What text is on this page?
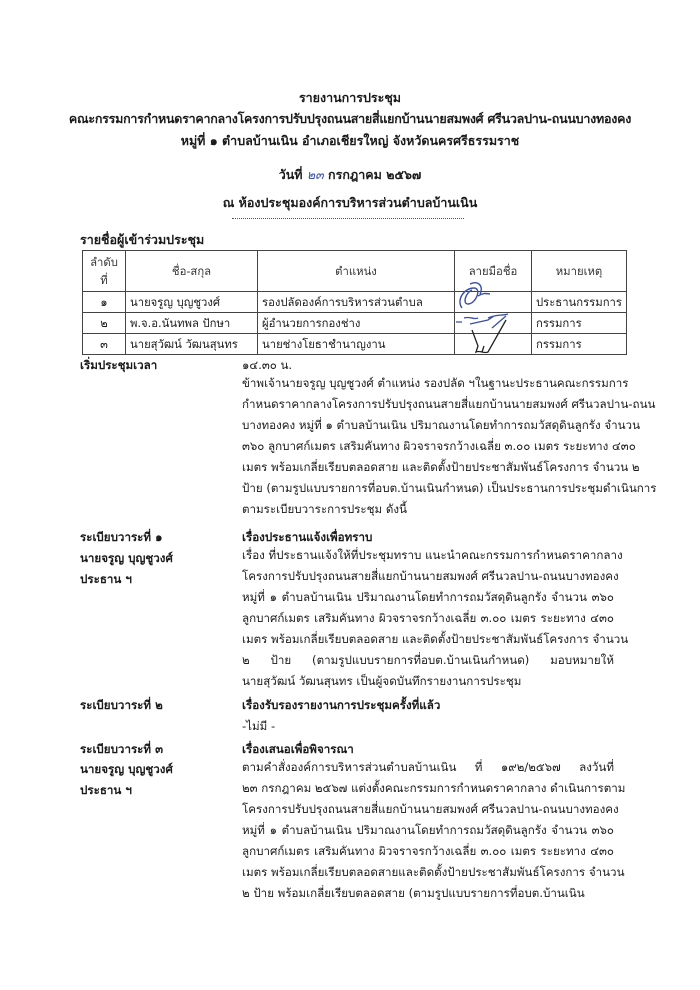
รายงานการประชุม
คณะกรรมการกำหนดราคากลางโครงการปรับปรุงถนนสายสี่แยกบ้านนายสมพงศ์ ศรีนวลปาน-ถนนบางทองคง
หมู่ที่ ๑ ตำบลบ้านเนิน อำเภอเชียรใหญ่ จังหวัดนครศรีธรรมราช
วันที่ ๒๓ กรกฎาคม ๒๕๖๗
ณ ห้องประชุมองค์การบริหารส่วนตำบลบ้านเนิน
รายชื่อผู้เข้าร่วมประชุม
ลำดับ
ที่	ชื่อ-สกุล	ตำแหน่ง	ลายมือชื่อ	หมายเหตุ
๑	นายจรูญ บุญชูวงศ์	รองปลัดองค์การบริหารส่วนตำบล		ประธานกรรมการ
๒	พ.จ.อ.นันทพล ปักษา	ผู้อำนวยการกองช่าง		กรรมการ
๓	นายสุวัฒน์ วัฒนสุนทร	นายช่างโยธาชำนาญงาน		กรรมการ
เริ่มประชุมเวลา	๑๔.๓๐ น.
ข้าพเจ้านายจรูญ บุญชูวงศ์ ตำแหน่ง รองปลัด ฯในฐานะประธานคณะกรรมการ
กำหนดราคากลางโครงการปรับปรุงถนนสายสี่แยกบ้านนายสมพงศ์ ศรีนวลปาน-ถนน
บางทองคง หมู่ที่ ๑ ตำบลบ้านเนิน ปริมาณงานโดยทำการถมวัสดุดินลูกรัง จำนวน
๓๖๐ ลูกบาศก์เมตร เสริมคันทาง ผิวจราจรกว้างเฉลี่ย ๓.๐๐ เมตร ระยะทาง ๔๓๐
เมตร พร้อมเกลี่ยเรียบตลอดสาย และติดตั้งป้ายประชาสัมพันธ์โครงการ จำนวน ๒
ป้าย (ตามรูปแบบรายการที่อบต.บ้านเนินกำหนด) เป็นประธานการประชุมดำเนินการ
ตามระเบียบวาระการประชุม ดังนี้
ระเบียบวาระที่ ๑
นายจรูญ บุญชูวงศ์
ประธาน ฯ
เรื่องประธานแจ้งเพื่อทราบ
เรื่อง ที่ประธานแจ้งให้ที่ประชุมทราบ แนะนำคณะกรรมการกำหนดราคากลาง
โครงการปรับปรุงถนนสายสี่แยกบ้านนายสมพงศ์ ศรีนวลปาน-ถนนบางทองคง
หมู่ที่ ๑ ตำบลบ้านเนิน ปริมาณงานโดยทำการถมวัสดุดินลูกรัง จำนวน ๓๖๐
ลูกบาศก์เมตร เสริมคันทาง ผิวจราจรกว้างเฉลี่ย ๓.๐๐ เมตร ระยะทาง ๔๓๐
เมตร พร้อมเกลี่ยเรียบตลอดสาย และติดตั้งป้ายประชาสัมพันธ์โครงการ จำนวน
๒ ป้าย (ตามรูปแบบรายการที่อบต.บ้านเนินกำหนด) มอบหมายให้
นายสุวัฒน์ วัฒนสุนทร เป็นผู้จดบันทึกรายงานการประชุม
ระเบียบวาระที่ ๒	เรื่องรับรองรายงานการประชุมครั้งที่แล้ว
-ไม่มี -
ระเบียบวาระที่ ๓
นายจรูญ บุญชูวงศ์
ประธาน ฯ
เรื่องเสนอเพื่อพิจารณา
ตามคำสั่งองค์การบริหารส่วนตำบลบ้านเนิน ที่ ๑๙๒/๒๕๖๗ ลงวันที่
๒๓ กรกฎาคม ๒๕๖๗ แต่งตั้งคณะกรรมการกำหนดราคากลาง ดำเนินการตาม
โครงการปรับปรุงถนนสายสี่แยกบ้านนายสมพงศ์ ศรีนวลปาน-ถนนบางทองคง
หมู่ที่ ๑ ตำบลบ้านเนิน ปริมาณงานโดยทำการถมวัสดุดินลูกรัง จำนวน ๓๖๐
ลูกบาศก์เมตร เสริมคันทาง ผิวจราจรกว้างเฉลี่ย ๓.๐๐ เมตร ระยะทาง ๔๓๐
เมตร พร้อมเกลี่ยเรียบตลอดสายและติดตั้งป้ายประชาสัมพันธ์โครงการ จำนวน
๒ ป้าย พร้อมเกลี่ยเรียบตลอดสาย (ตามรูปแบบรายการที่อบต.บ้านเนิน
